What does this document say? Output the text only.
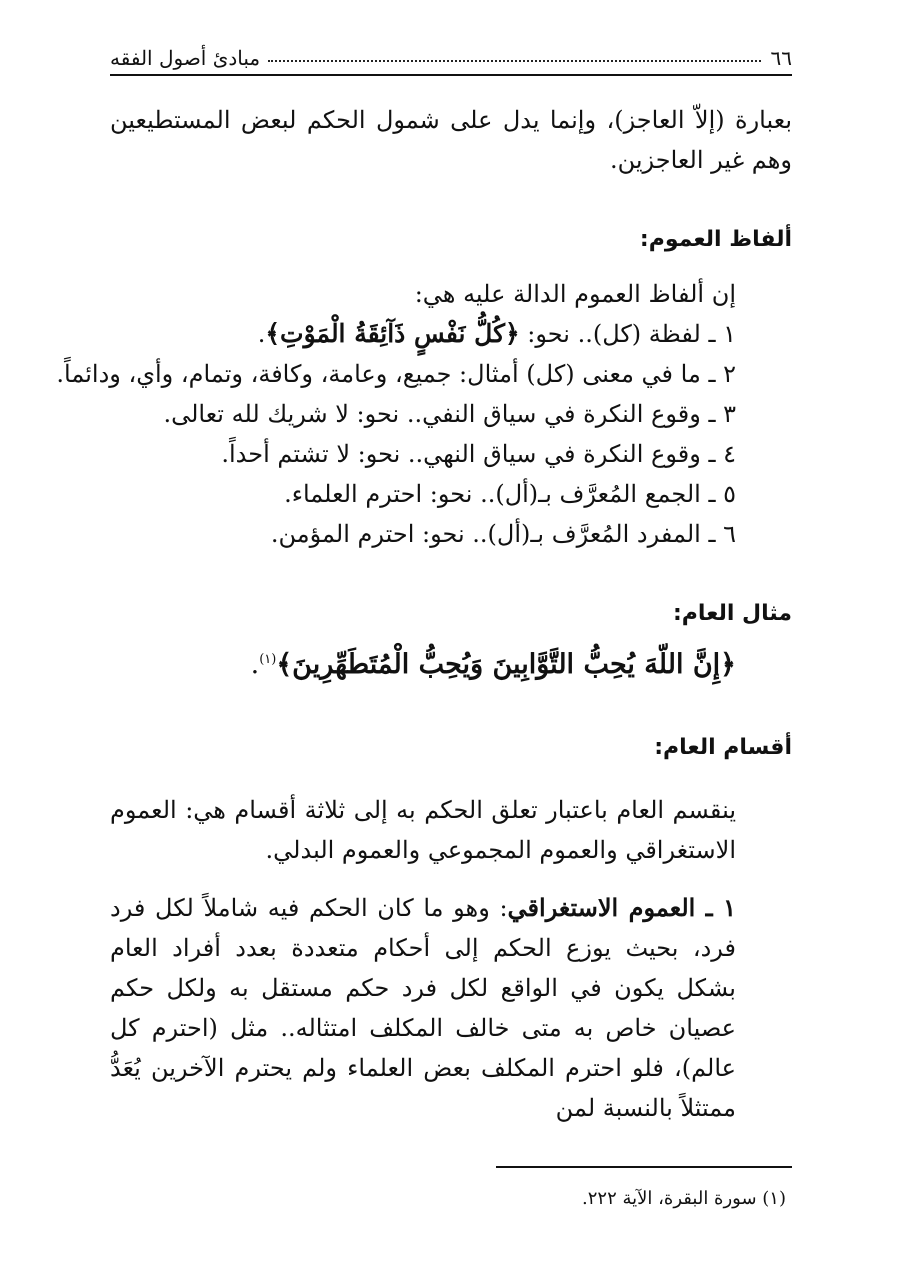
٦٦
مبادئ أصول الفقه

بعبارة (إلاّ العاجز)، وإنما يدل على شمول الحكم لبعض المستطيعين وهم غير العاجزين.

ألفاظ العموم:

إن ألفاظ العموم الدالة عليه هي:

١ ـ لفظة (كل).. نحو: ﴿كُلُّ نَفْسٍ ذَآئِقَةُ الْمَوْتِ﴾.

٢ ـ ما في معنى (كل) أمثال: جميع، وعامة، وكافة، وتمام، وأي، ودائماً.

٣ ـ وقوع النكرة في سياق النفي.. نحو: لا شريك لله تعالى.

٤ ـ وقوع النكرة في سياق النهي.. نحو: لا تشتم أحداً.

٥ ـ الجمع المُعرَّف بـ(أل).. نحو: احترم العلماء.

٦ ـ المفرد المُعرَّف بـ(أل).. نحو: احترم المؤمن.

مثال العام:

﴿إِنَّ اللّهَ يُحِبُّ التَّوَّابِينَ وَيُحِبُّ الْمُتَطَهِّرِينَ﴾$^{(١)}$.

أقسام العام:

ينقسم العام باعتبار تعلق الحكم به إلى ثلاثة أقسام هي: العموم الاستغراقي والعموم المجموعي والعموم البدلي.

١ ـ العموم الاستغراقي: وهو ما كان الحكم فيه شاملاً لكل فرد فرد، بحيث يوزع الحكم إلى أحكام متعددة بعدد أفراد العام بشكل يكون في الواقع لكل فرد حكم مستقل به ولكل حكم عصيان خاص به متى خالف المكلف امتثاله.. مثل (احترم كل عالم)، فلو احترم المكلف بعض العلماء ولم يحترم الآخرين يُعَدُّ ممتثلاً بالنسبة لمن

(١) سورة البقرة، الآية ٢٢٢.
